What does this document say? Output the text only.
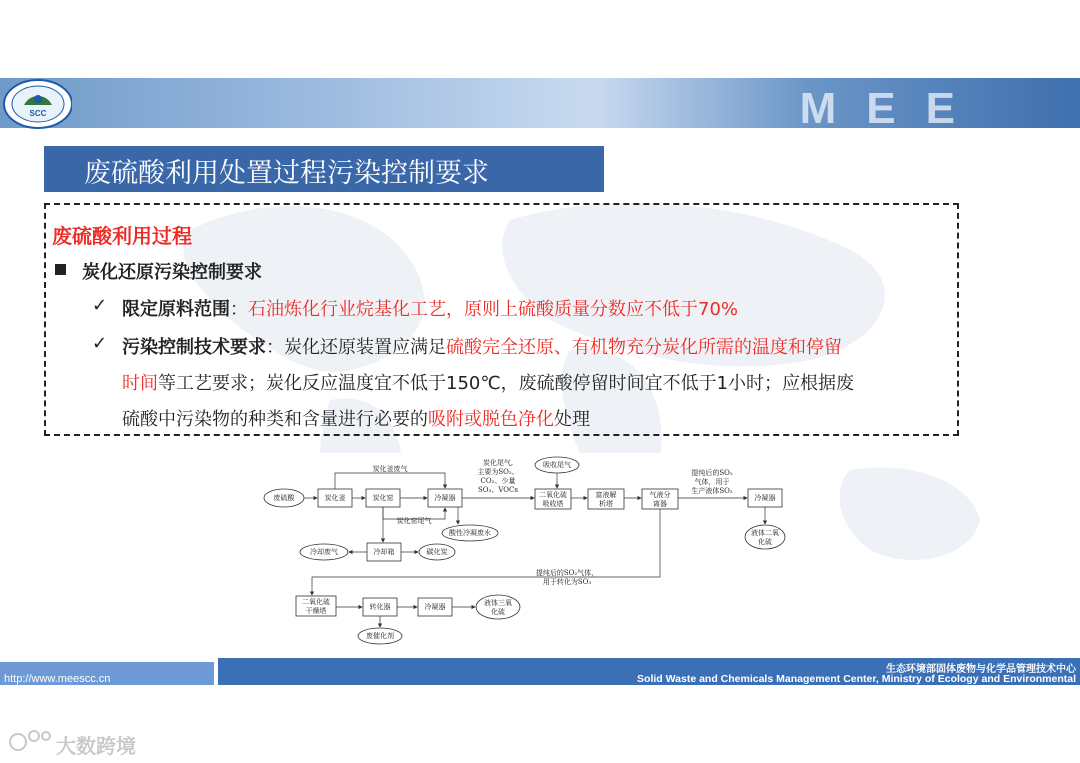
MEE
SCC
废硫酸利用处置过程污染控制要求
废硫酸利用过程
炭化还原污染控制要求
✓ 限定原料范围：石油炼化行业烷基化工艺，原则上硫酸质量分数应不低于70%
✓ 污染控制技术要求：炭化还原装置应满足硫酸完全还原、有机物充分炭化所需的温度和停留
时间等工艺要求；炭化反应温度宜不低于150℃，废硫酸停留时间宜不低于1小时；应根据废
硫酸中污染物的种类和含量进行必要的吸附或脱色净化处理
废硫酸	炭化釜	炭化窑	冷凝器	二氧化硫
吸收塔
富液解
析塔
气液分
离器
冷凝器
液体二氧
化硫
吸收尾气
冷却废气	冷却箱	碳化炭
酸性冷凝废水
炭化釜废气
炭化窑尾气
炭化尾气,
主要为SO₂、
CO₂、少量
SO₃、VOCs
提纯后的SO₂
气体，用于
生产液体SO₂
提纯后的SO₂气体，
用于转化为SO₃
二氧化硫
干燥塔	转化器	冷凝器	液体三氧
化硫
废催化剂
http://www.meescc.cn
生态环境部固体废物与化学品管理技术中心
Solid Waste and Chemicals Management Center, Ministry of Ecology and Environmental
大数跨境
